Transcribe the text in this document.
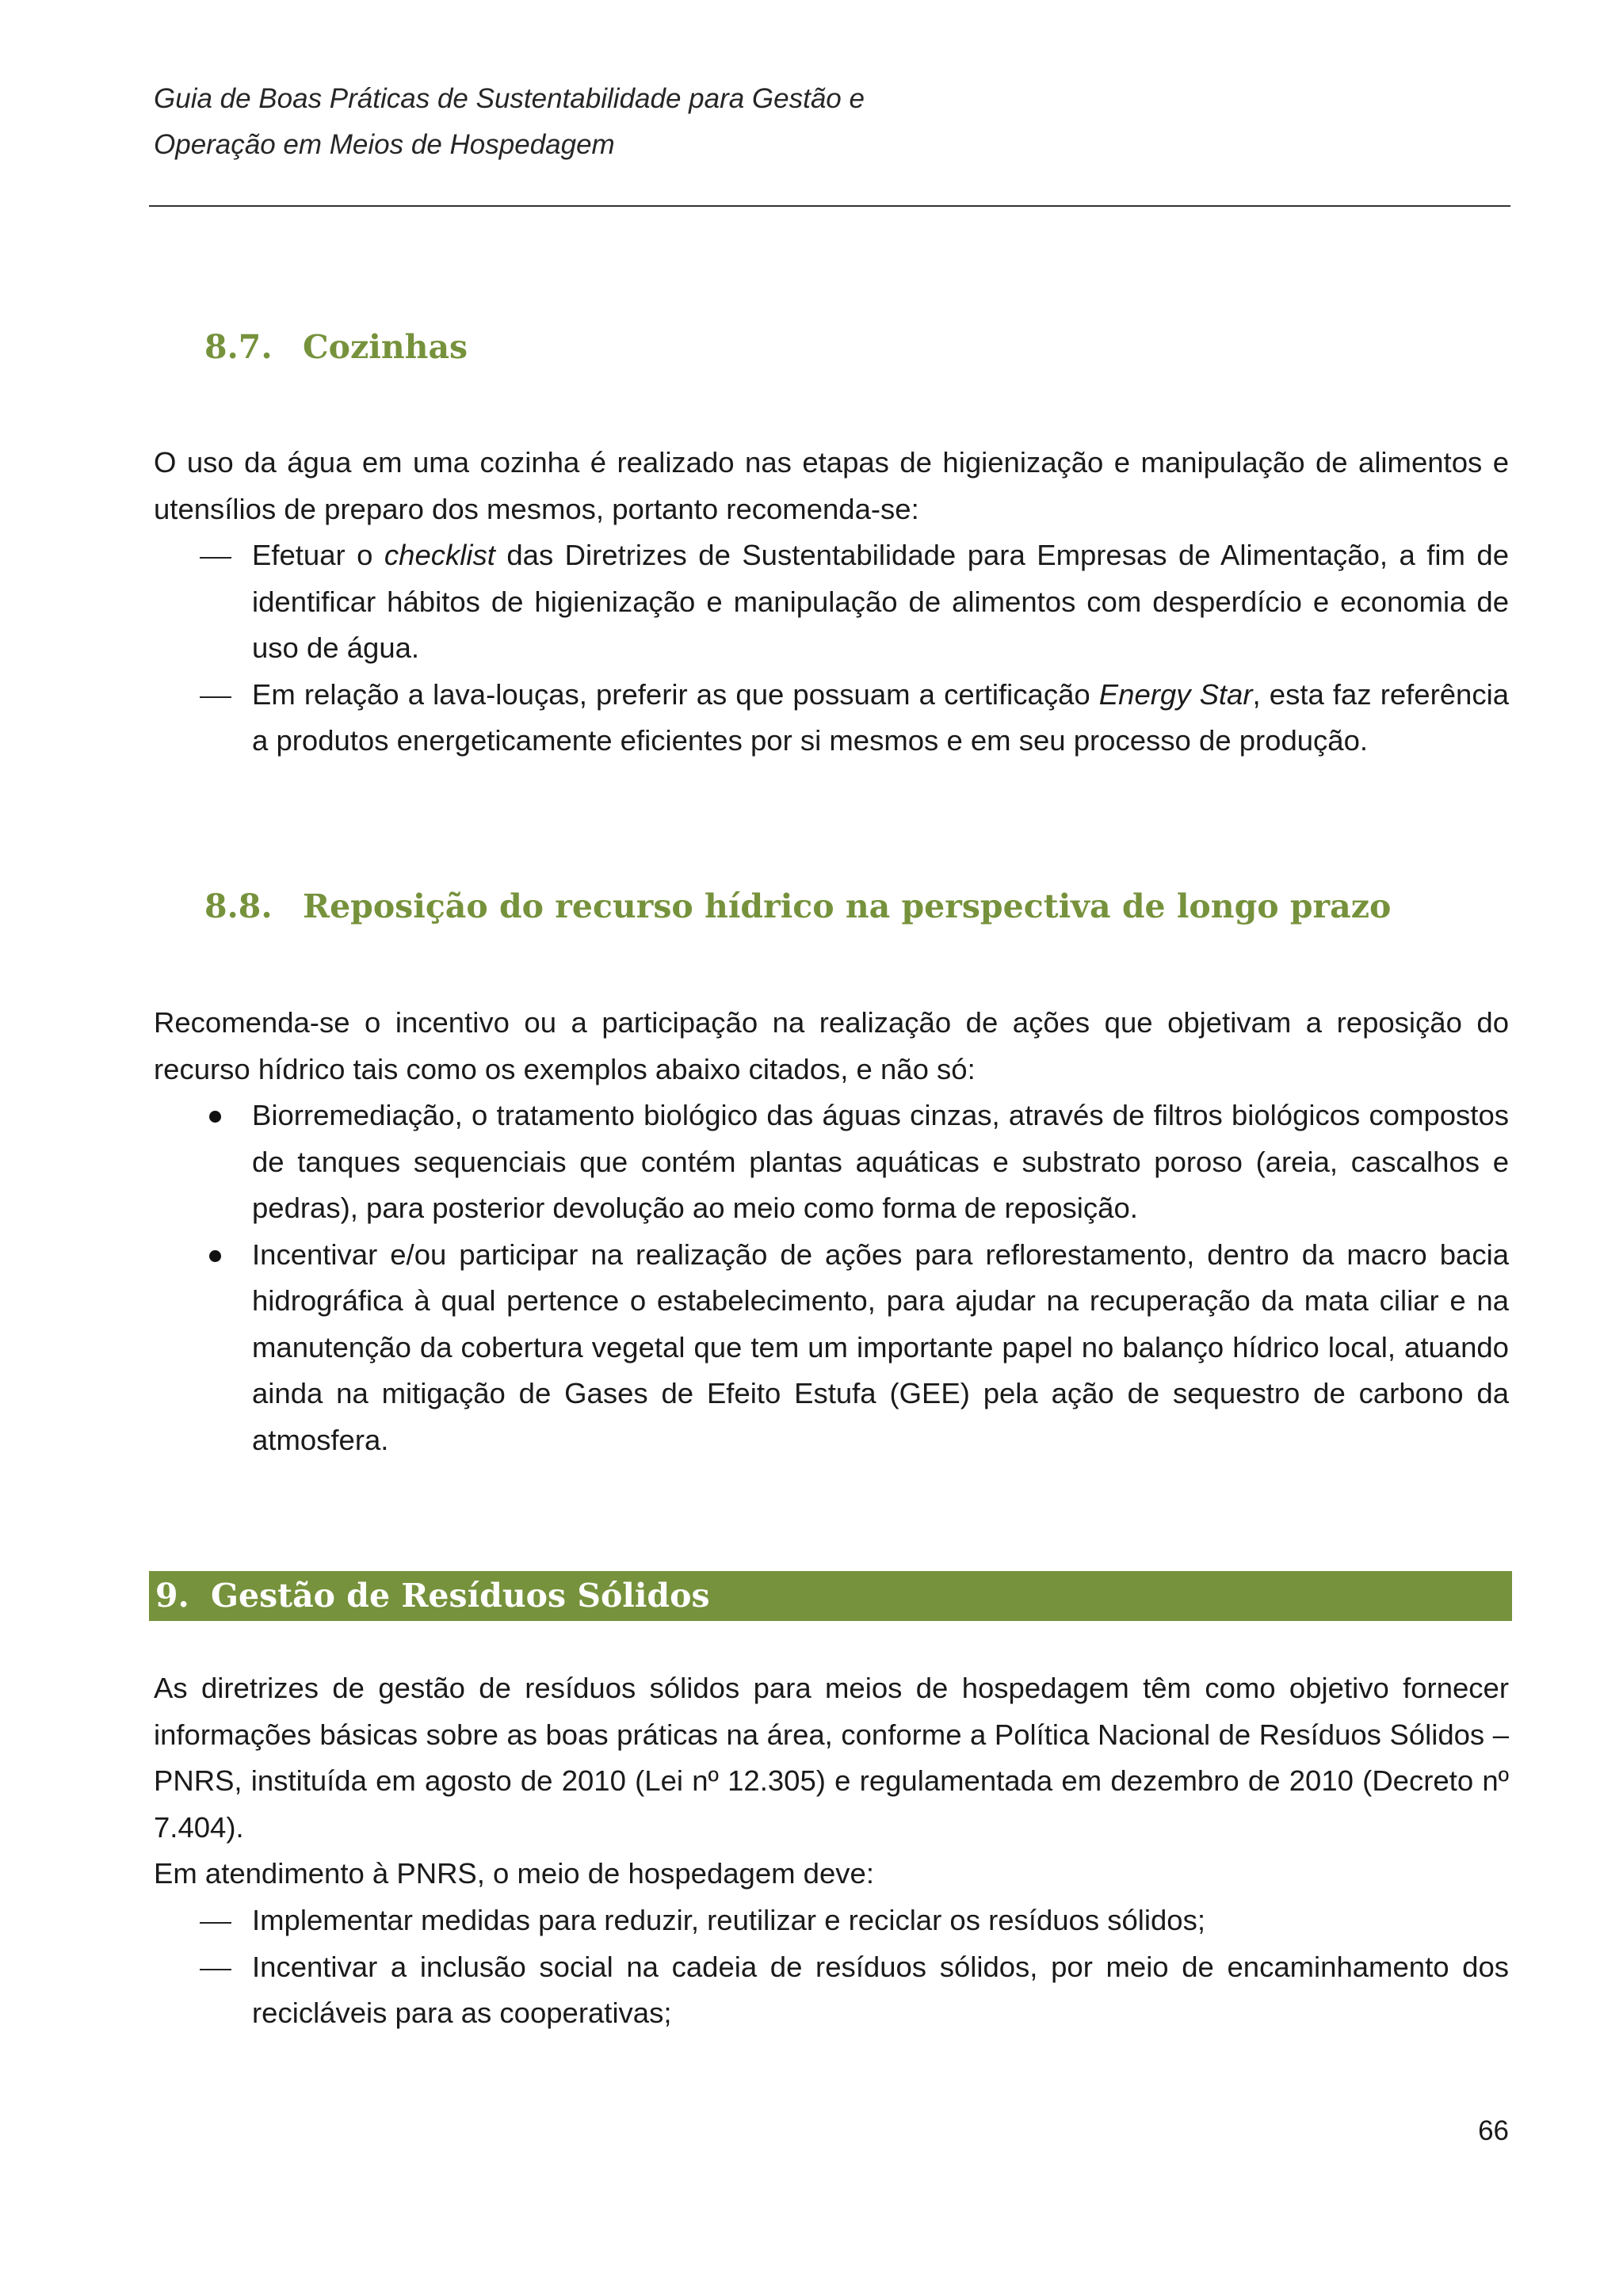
Guia de Boas Práticas de Sustentabilidade para Gestão e
Operação em Meios de Hospedagem
8.7. Cozinhas

O uso da água em uma cozinha é realizado nas etapas de higienização e manipulação de alimentos e utensílios de preparo dos mesmos, portanto recomenda-se:

Efetuar o checklist das Diretrizes de Sustentabilidade para Empresas de Alimentação, a fim de identificar hábitos de higienização e manipulação de alimentos com desperdício e economia de uso de água.
Em relação a lava-louças, preferir as que possuam a certificação Energy Star, esta faz referência a produtos energeticamente eficientes por si mesmos e em seu processo de produção.
8.8. Reposição do recurso hídrico na perspectiva de longo prazo

Recomenda-se o incentivo ou a participação na realização de ações que objetivam a reposição do recurso hídrico tais como os exemplos abaixo citados, e não só:

Biorremediação, o tratamento biológico das águas cinzas, através de filtros biológicos compostos de tanques sequenciais que contém plantas aquáticas e substrato poroso (areia, cascalhos e pedras), para posterior devolução ao meio como forma de reposição.
Incentivar e/ou participar na realização de ações para reflorestamento, dentro da macro bacia hidrográfica à qual pertence o estabelecimento, para ajudar na recuperação da mata ciliar e na manutenção da cobertura vegetal que tem um importante papel no balanço hídrico local, atuando ainda na mitigação de Gases de Efeito Estufa (GEE) pela ação de sequestro de carbono da atmosfera.
9. Gestão de Resíduos Sólidos

As diretrizes de gestão de resíduos sólidos para meios de hospedagem têm como objetivo fornecer informações básicas sobre as boas práticas na área, conforme a Política Nacional de Resíduos Sólidos – PNRS, instituída em agosto de 2010 (Lei nº 12.305) e regulamentada em dezembro de 2010 (Decreto nº 7.404).

Em atendimento à PNRS, o meio de hospedagem deve:

Implementar medidas para reduzir, reutilizar e reciclar os resíduos sólidos;
Incentivar a inclusão social na cadeia de resíduos sólidos, por meio de encaminhamento dos recicláveis para as cooperativas;
66
